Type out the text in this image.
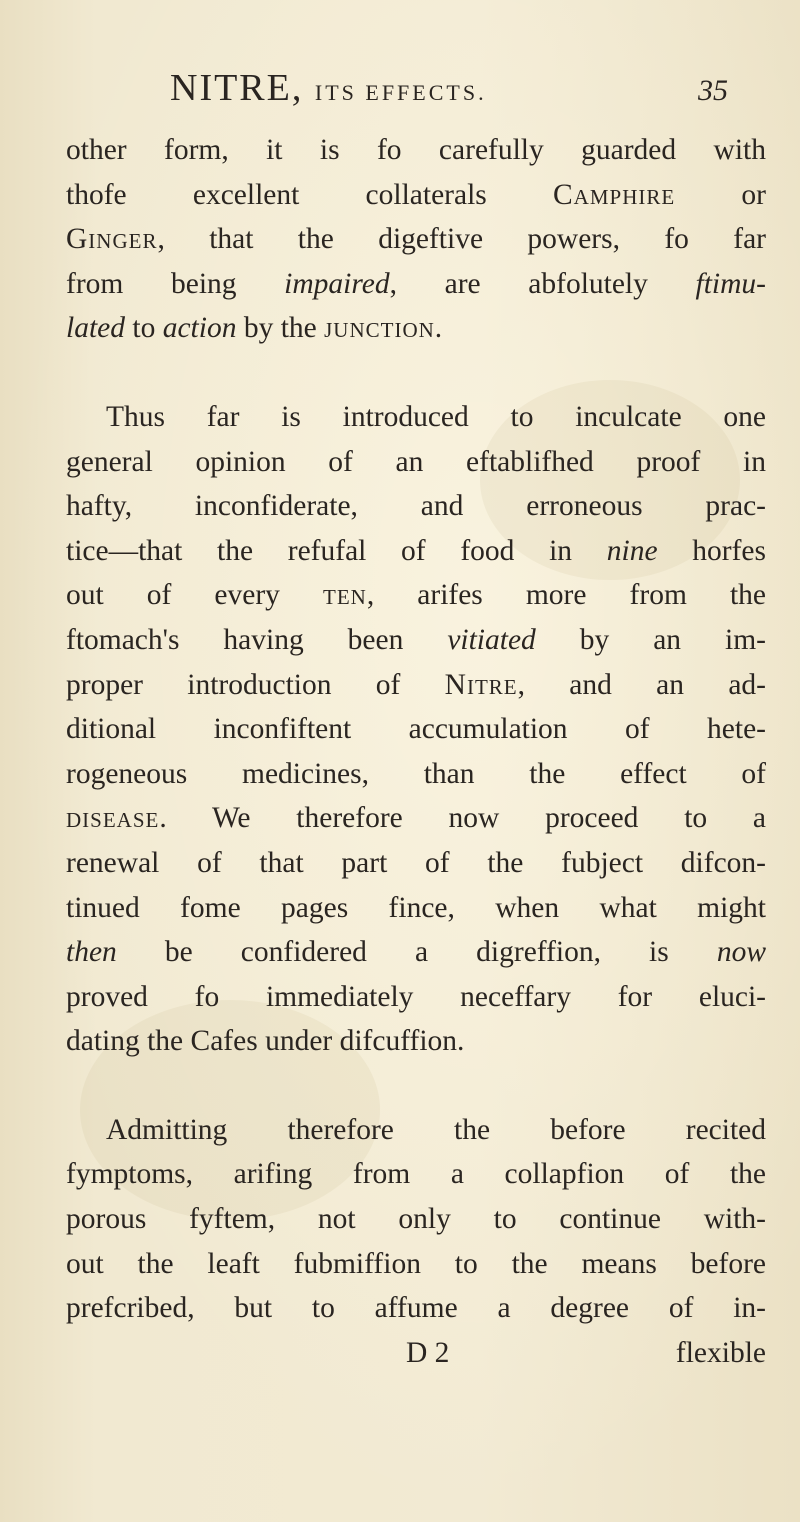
NITRE, ITS EFFECTS.	35
other form, it is fo carefully guarded with
thofe excellent collaterals Camphire or
Ginger, that the digeftive powers, fo far
from being impaired, are abfolutely ftimu-
lated to action by the junction.
Thus far is introduced to inculcate one
general opinion of an eftablifhed proof in
hafty, inconfiderate, and erroneous prac-
tice—that the refufal of food in nine horfes
out of every ten, arifes more from the
ftomach's having been vitiated by an im-
proper introduction of Nitre, and an ad-
ditional inconfiftent accumulation of hete-
rogeneous medicines, than the effect of
disease. We therefore now proceed to a
renewal of that part of the fubject difcon-
tinued fome pages fince, when what might
then be confidered a digreffion, is now
proved fo immediately neceffary for eluci-
dating the Cafes under difcuffion.
Admitting therefore the before recited
fymptoms, arifing from a collapfion of the
porous fyftem, not only to continue with-
out the leaft fubmiffion to the means before
prefcribed, but to affume a degree of in-
D 2	flexible
